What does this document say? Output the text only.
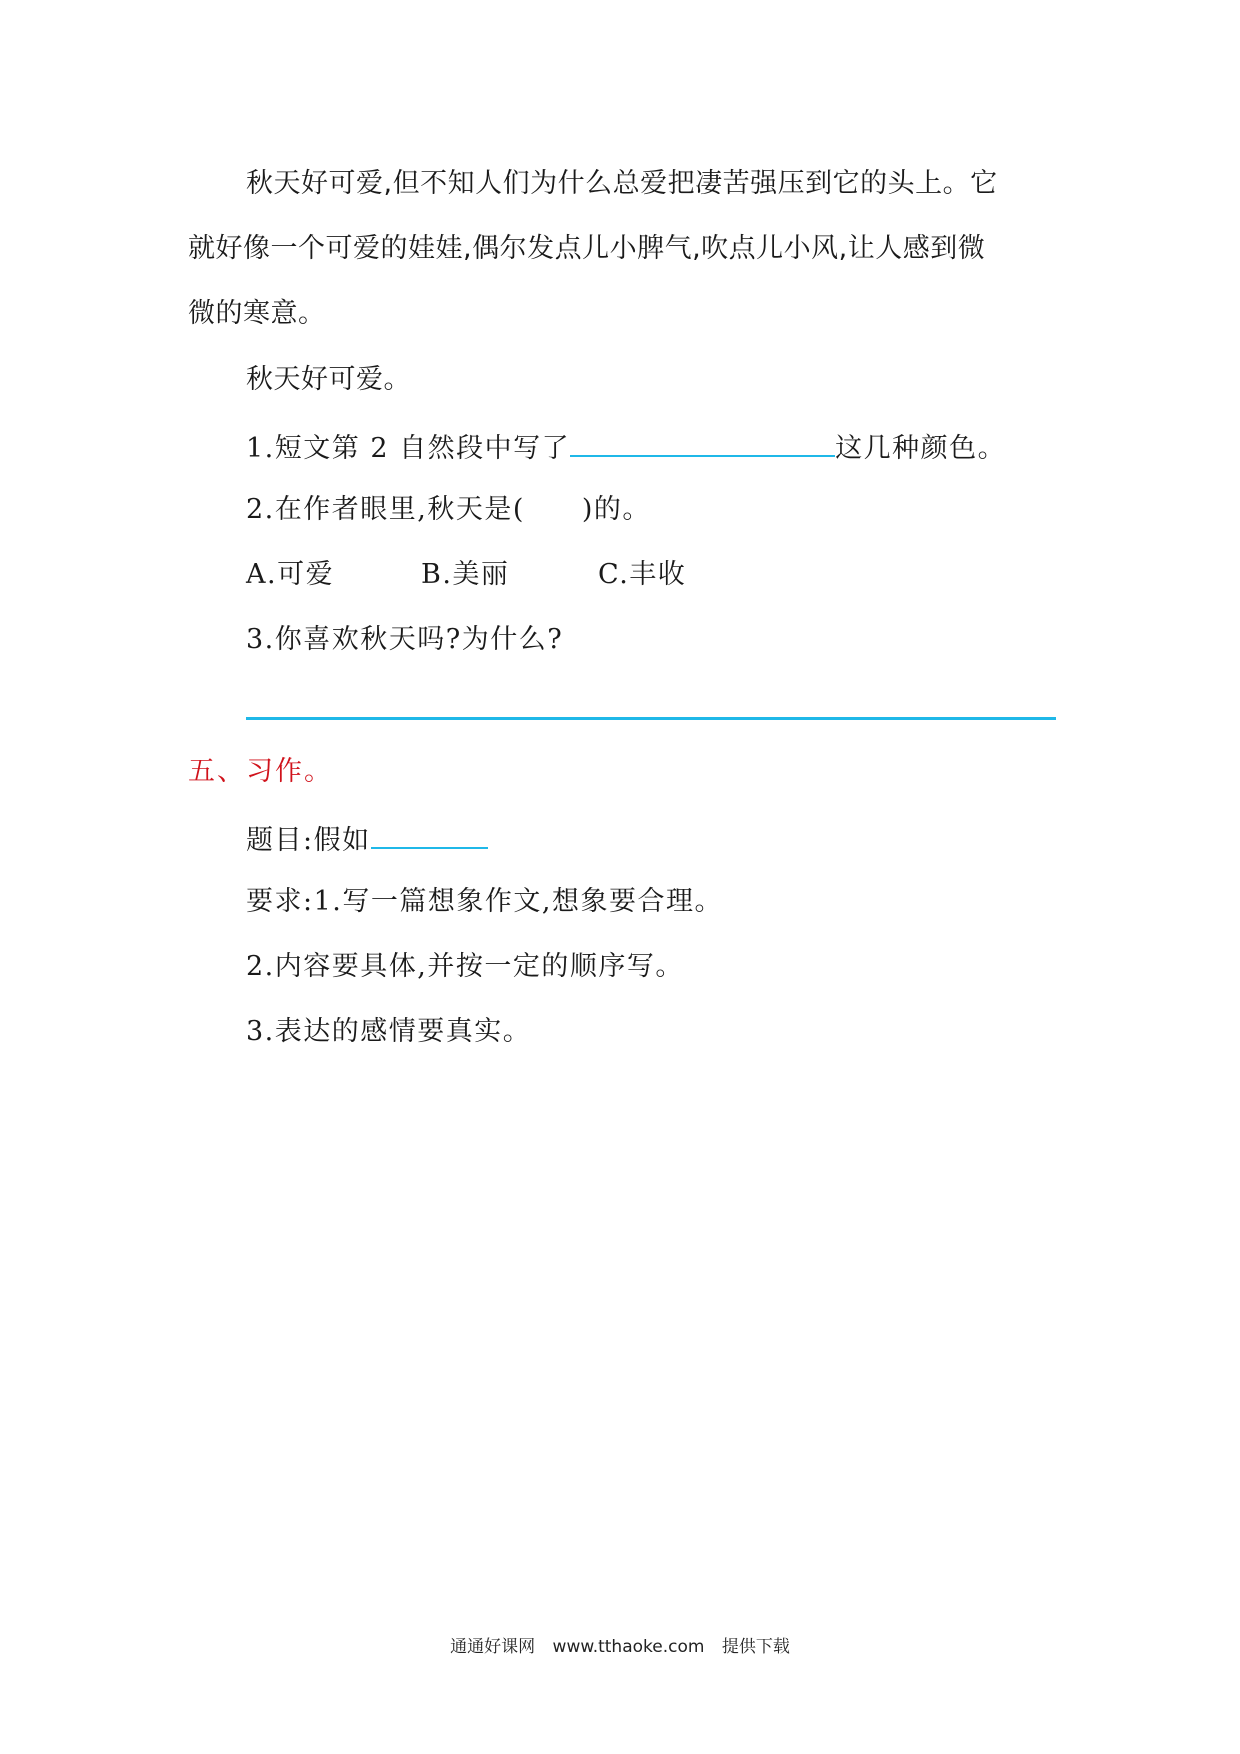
秋天好可爱,但不知人们为什么总爱把凄苦强压到它的头上。它
就好像一个可爱的娃娃,偶尔发点儿小脾气,吹点儿小风,让人感到微
微的寒意。
秋天好可爱。
1.短文第 2 自然段中写了	这几种颜色。
2.在作者眼里,秋天是(　　)的。
A.可爱	B.美丽	C.丰收
3.你喜欢秋天吗?为什么?
五、习作。
题目:假如
要求:1.写一篇想象作文,想象要合理。
2.内容要具体,并按一定的顺序写。
3.表达的感情要真实。
通通好课网 www.tthaoke.com 提供下载
